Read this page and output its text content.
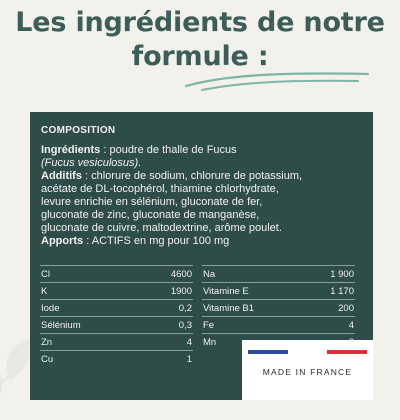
Les ingrédients de notre
formule :
COMPOSITION

Ingrédients : poudre de thalle de Fucus
(Fucus vesiculosus).

Additifs : chlorure de sodium, chlorure de potassium,
acétate de DL-tocophérol, thiamine chlorhydrate,
levure enrichie en sélénium, gluconate de fer,
gluconate de zinc, gluconate de manganèse,
gluconate de cuivre, maltodextrine, arôme poulet.

Apports : ACTIFS en mg pour 100 mg

Cl	4600
K	1900
Iode	0,2
Sélénium	0,3
Zn	4
Cu	1
Na	1 900
Vitamine E	1 170
Vitamine B1	200
Fe	4
Mn
MADE IN FRANCE
